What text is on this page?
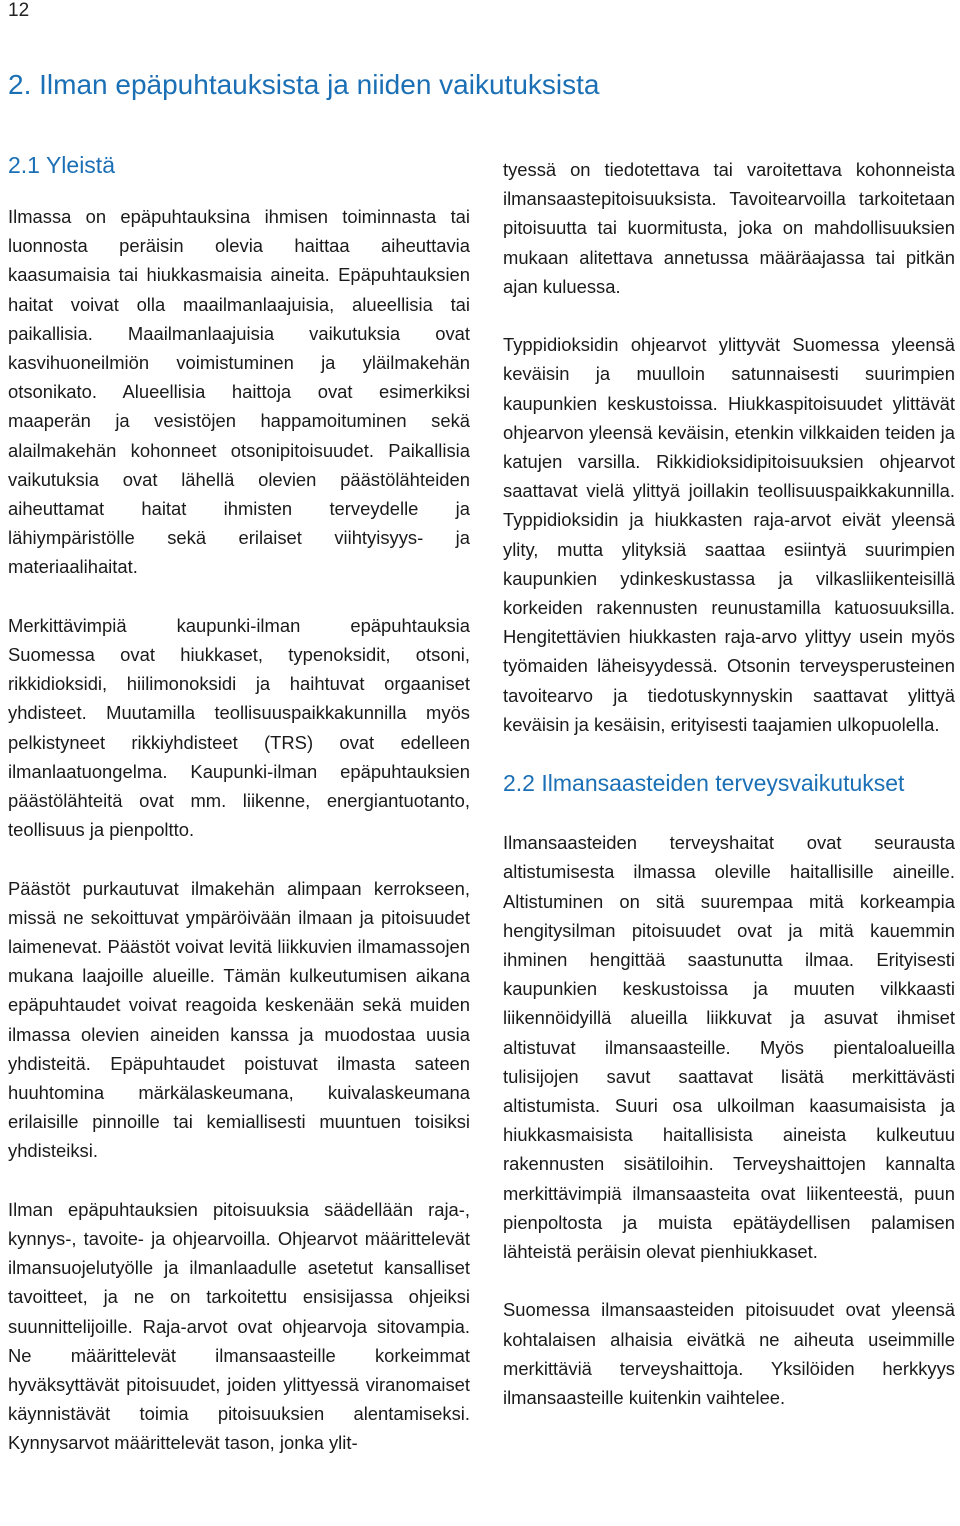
12
2. Ilman epäpuhtauksista ja niiden vaikutuksista
2.1 Yleistä

Ilmassa on epäpuhtauksina ihmisen toiminnasta tai luonnosta peräisin olevia haittaa aiheuttavia kaasumaisia tai hiukkasmaisia aineita. Epäpuhtauksien haitat voivat olla maailmanlaajuisia, alueellisia tai paikallisia. Maailmanlaajuisia vaikutuksia ovat kasvihuoneilmiön voimistuminen ja yläilmakehän otsonikato. Alueellisia haittoja ovat esimerkiksi maaperän ja vesistöjen happamoituminen sekä alailmakehän kohonneet otsonipitoisuudet. Paikallisia vaikutuksia ovat lähellä olevien päästölähteiden aiheuttamat haitat ihmisten terveydelle ja lähiympäristölle sekä erilaiset viihtyisyys- ja materiaalihaitat.

Merkittävimpiä kaupunki-ilman epäpuhtauksia Suomessa ovat hiukkaset, typenoksidit, otsoni, rikkidioksidi, hiilimonoksidi ja haihtuvat orgaaniset yhdisteet. Muutamilla teollisuuspaikkakunnilla myös pelkistyneet rikkiyhdisteet (TRS) ovat edelleen ilmanlaatuongelma. Kaupunki-ilman epäpuhtauksien päästölähteitä ovat mm. liikenne, energiantuotanto, teollisuus ja pienpoltto.

Päästöt purkautuvat ilmakehän alimpaan kerrokseen, missä ne sekoittuvat ympäröivään ilmaan ja pitoisuudet laimenevat. Päästöt voivat levitä liikkuvien ilmamassojen mukana laajoille alueille. Tämän kulkeutumisen aikana epäpuhtaudet voivat reagoida keskenään sekä muiden ilmassa olevien aineiden kanssa ja muodostaa uusia yhdisteitä. Epäpuhtaudet poistuvat ilmasta sateen huuhtomina märkälaskeumana, kuivalaskeumana erilaisille pinnoille tai kemiallisesti muuntuen toisiksi yhdisteiksi.

Ilman epäpuhtauksien pitoisuuksia säädellään raja-, kynnys-, tavoite- ja ohjearvoilla. Ohjearvot määrittelevät ilmansuojelutyölle ja ilmanlaadulle asetetut kansalliset tavoitteet, ja ne on tarkoitettu ensisijassa ohjeiksi suunnittelijoille. Raja-arvot ovat ohjearvoja sitovampia. Ne määrittelevät ilmansaasteille korkeimmat hyväksyttävät pitoisuudet, joiden ylittyessä viranomaiset käynnistävät toimia pitoisuuksien alentamiseksi. Kynnysarvot määrittelevät tason, jonka ylit-

tyessä on tiedotettava tai varoitettava kohonneista ilmansaastepitoisuuksista. Tavoitearvoilla tarkoitetaan pitoisuutta tai kuormitusta, joka on mahdollisuuksien mukaan alitettava annetussa määräajassa tai pitkän ajan kuluessa.

Typpidioksidin ohjearvot ylittyvät Suomessa yleensä keväisin ja muulloin satunnaisesti suurimpien kaupunkien keskustoissa. Hiukkaspitoisuudet ylittävät ohjearvon yleensä keväisin, etenkin vilkkaiden teiden ja katujen varsilla. Rikkidioksidipitoisuuksien ohjearvot saattavat vielä ylittyä joillakin teollisuuspaikkakunnilla. Typpidioksidin ja hiukkasten raja-arvot eivät yleensä ylity, mutta ylityksiä saattaa esiintyä suurimpien kaupunkien ydinkeskustassa ja vilkasliikenteisillä korkeiden rakennusten reunustamilla katuosuuksilla. Hengitettävien hiukkasten raja-arvo ylittyy usein myös työmaiden läheisyydessä. Otsonin terveysperusteinen tavoitearvo ja tiedotuskynnyskin saattavat ylittyä keväisin ja kesäisin, erityisesti taajamien ulkopuolella.

2.2 Ilmansaasteiden terveysvaikutukset

Ilmansaasteiden terveyshaitat ovat seurausta altistumisesta ilmassa oleville haitallisille aineille. Altistuminen on sitä suurempaa mitä korkeampia hengitysilman pitoisuudet ovat ja mitä kauemmin ihminen hengittää saastunutta ilmaa. Erityisesti kaupunkien keskustoissa ja muuten vilkkaasti liikennöidyillä alueilla liikkuvat ja asuvat ihmiset altistuvat ilmansaasteille. Myös pientaloalueilla tulisijojen savut saattavat lisätä merkittävästi altistumista. Suuri osa ulkoilman kaasumaisista ja hiukkasmaisista haitallisista aineista kulkeutuu rakennusten sisätiloihin. Terveyshaittojen kannalta merkittävimpiä ilmansaasteita ovat liikenteestä, puun pienpoltosta ja muista epätäydellisen palamisen lähteistä peräisin olevat pienhiukkaset.

Suomessa ilmansaasteiden pitoisuudet ovat yleensä kohtalaisen alhaisia eivätkä ne aiheuta useimmille merkittäviä terveyshaittoja. Yksilöiden herkkyys ilmansaasteille kuitenkin vaihtelee.
